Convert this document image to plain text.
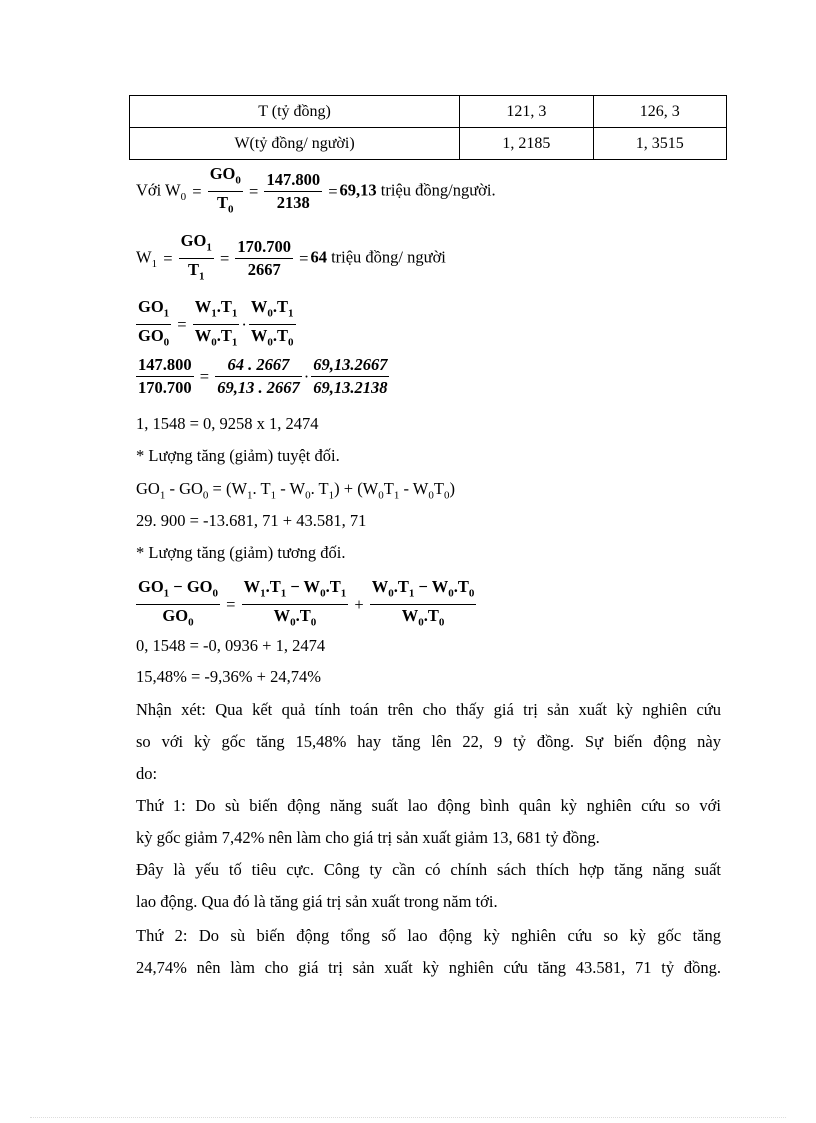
T (tỷ đồng)	121, 3	126, 3
W(tỷ đồng/ người)	1, 2185	1, 3515
Với $W_0 = \frac{GO_0}{T_0} = \frac{147.800}{2138} = 69,13$ triệu đồng/người.
$W_1 = \frac{GO_1}{T_1} = \frac{170.700}{2667} = 64$ triệu đồng/ người
$\frac{GO_1}{GO_0} = \frac{W_1.T_1}{W_0.T_1} \cdot \frac{W_0.T_1}{W_0.T_0}$
$\frac{147.800}{170.700} = \frac{64 . 2667}{69,13 . 2667} \cdot \frac{69,13.2667}{69,13.2138}$
1, 1548 = 0, 9258 x 1, 2474
* Lượng tăng (giảm) tuyệt đối.
$GO_1 - GO_0 = (W_1$. $T_1 - W_0$. $T_1) + (W_0T_1 - W_0T_0)$
29. 900 = -13.681, 71 + 43.581, 71
* Lượng tăng (giảm) tương đối.
$\frac{GO_1 - GO_0}{GO_0} = \frac{W_1.T_1 - W_0.T_1}{W_0.T_0} + \frac{W_0.T_1 - W_0.T_0}{W_0.T_0}$
0, 1548 = -0, 0936 + 1, 2474
15,48% = -9,36% + 24,74%
Nhận xét: Qua kết quả tính toán trên cho thấy giá trị sản xuất kỳ nghiên cứu
so với kỳ gốc tăng 15,48% hay tăng lên 22, 9 tỷ đồng. Sự biến động này
do:
Thứ 1: Do sù biến động năng suất lao động bình quân kỳ nghiên cứu so với
kỳ gốc giảm 7,42% nên làm cho giá trị sản xuất giảm 13, 681 tỷ đồng.
Đây là yếu tố tiêu cực. Công ty cần có chính sách thích hợp tăng năng suất
lao động. Qua đó là tăng giá trị sản xuất trong năm tới.
Thứ 2: Do sù biến động tổng số lao động kỳ nghiên cứu so kỳ gốc tăng
24,74% nên làm cho giá trị sản xuất kỳ nghiên cứu tăng 43.581, 71 tỷ đồng.
